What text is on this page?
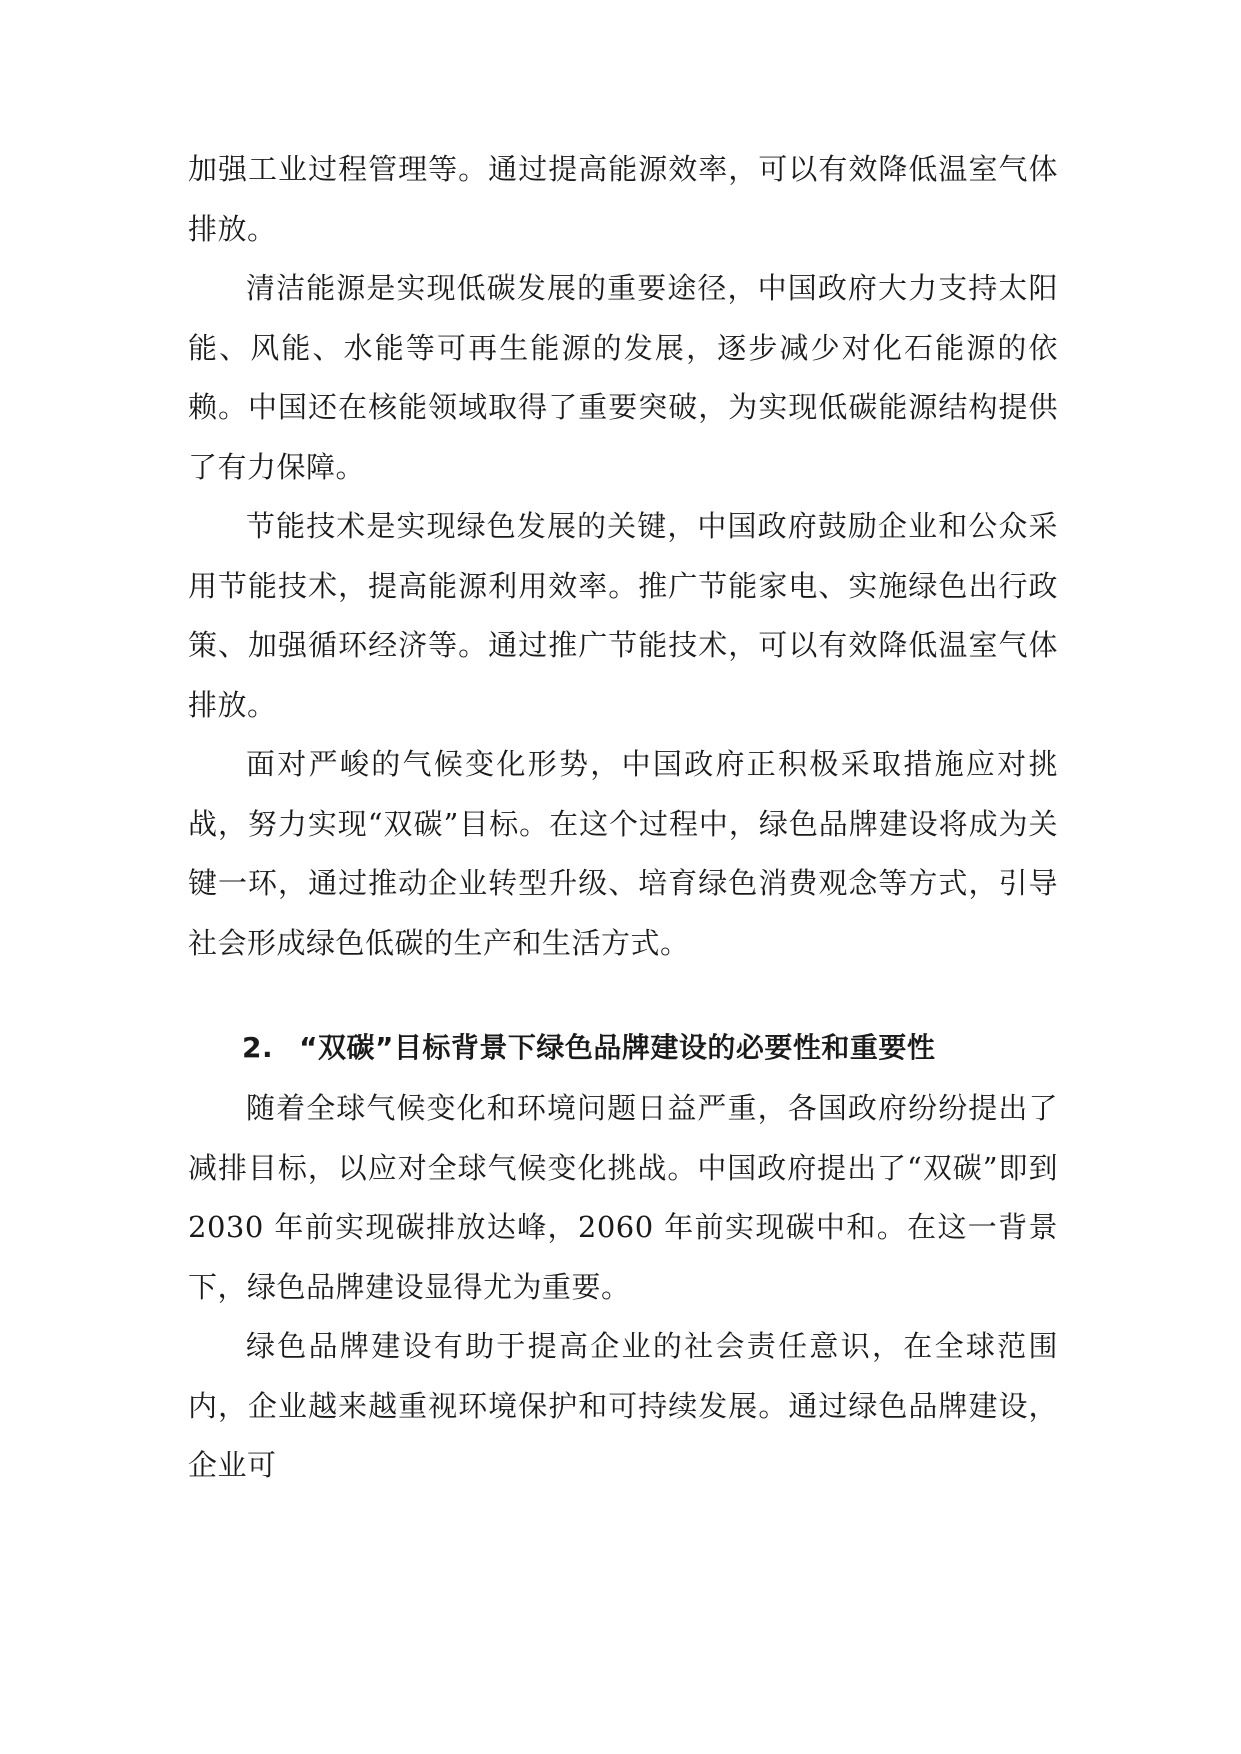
加强工业过程管理等。通过提高能源效率，可以有效降低温室气体排放。

清洁能源是实现低碳发展的重要途径，中国政府大力支持太阳能、风能、水能等可再生能源的发展，逐步减少对化石能源的依赖。中国还在核能领域取得了重要突破，为实现低碳能源结构提供了有力保障。

节能技术是实现绿色发展的关键，中国政府鼓励企业和公众采用节能技术，提高能源利用效率。推广节能家电、实施绿色出行政策、加强循环经济等。通过推广节能技术，可以有效降低温室气体排放。

面对严峻的气候变化形势，中国政府正积极采取措施应对挑战，努力实现“双碳”目标。在这个过程中，绿色品牌建设将成为关键一环，通过推动企业转型升级、培育绿色消费观念等方式，引导社会形成绿色低碳的生产和生活方式。

2. “双碳”目标背景下绿色品牌建设的必要性和重要性

随着全球气候变化和环境问题日益严重，各国政府纷纷提出了减排目标，以应对全球气候变化挑战。中国政府提出了“双碳”即到 2030 年前实现碳排放达峰，2060 年前实现碳中和。在这一背景下，绿色品牌建设显得尤为重要。

绿色品牌建设有助于提高企业的社会责任意识，在全球范围内，企业越来越重视环境保护和可持续发展。通过绿色品牌建设，企业可
